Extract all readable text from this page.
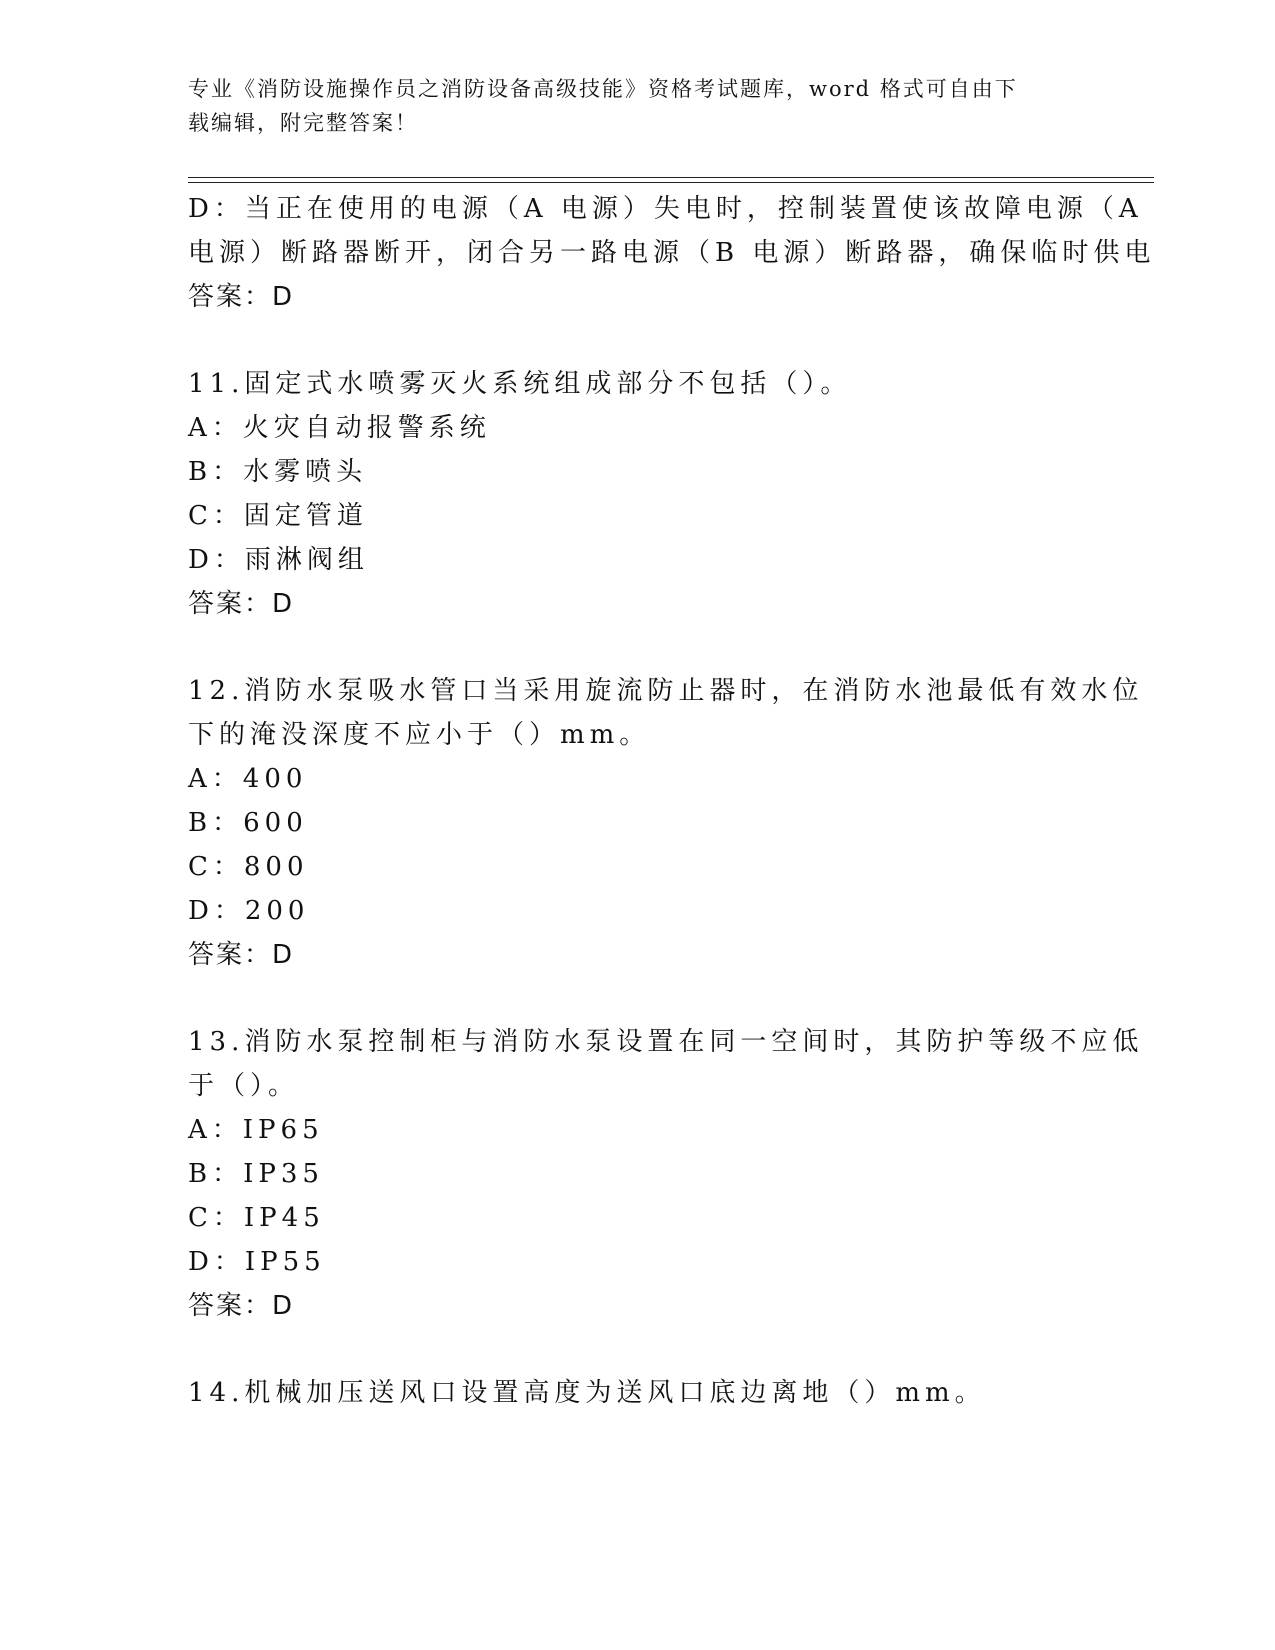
专业《消防设施操作员之消防设备高级技能》资格考试题库，word 格式可自由下
载编辑，附完整答案！
D：当正在使用的电源（A 电源）失电时，控制装置使该故障电源（A
电源）断路器断开，闭合另一路电源（B 电源）断路器，确保临时供电
答案：D
11.固定式水喷雾灭火系统组成部分不包括（）。
A：火灾自动报警系统
B：水雾喷头
C：固定管道
D：雨淋阀组
答案：D
12.消防水泵吸水管口当采用旋流防止器时，在消防水池最低有效水位
下的淹没深度不应小于（）mm。
A：400
B：600
C：800
D：200
答案：D
13.消防水泵控制柜与消防水泵设置在同一空间时，其防护等级不应低
于（）。
A：IP65
B：IP35
C：IP45
D：IP55
答案：D
14.机械加压送风口设置高度为送风口底边离地（）mm。
